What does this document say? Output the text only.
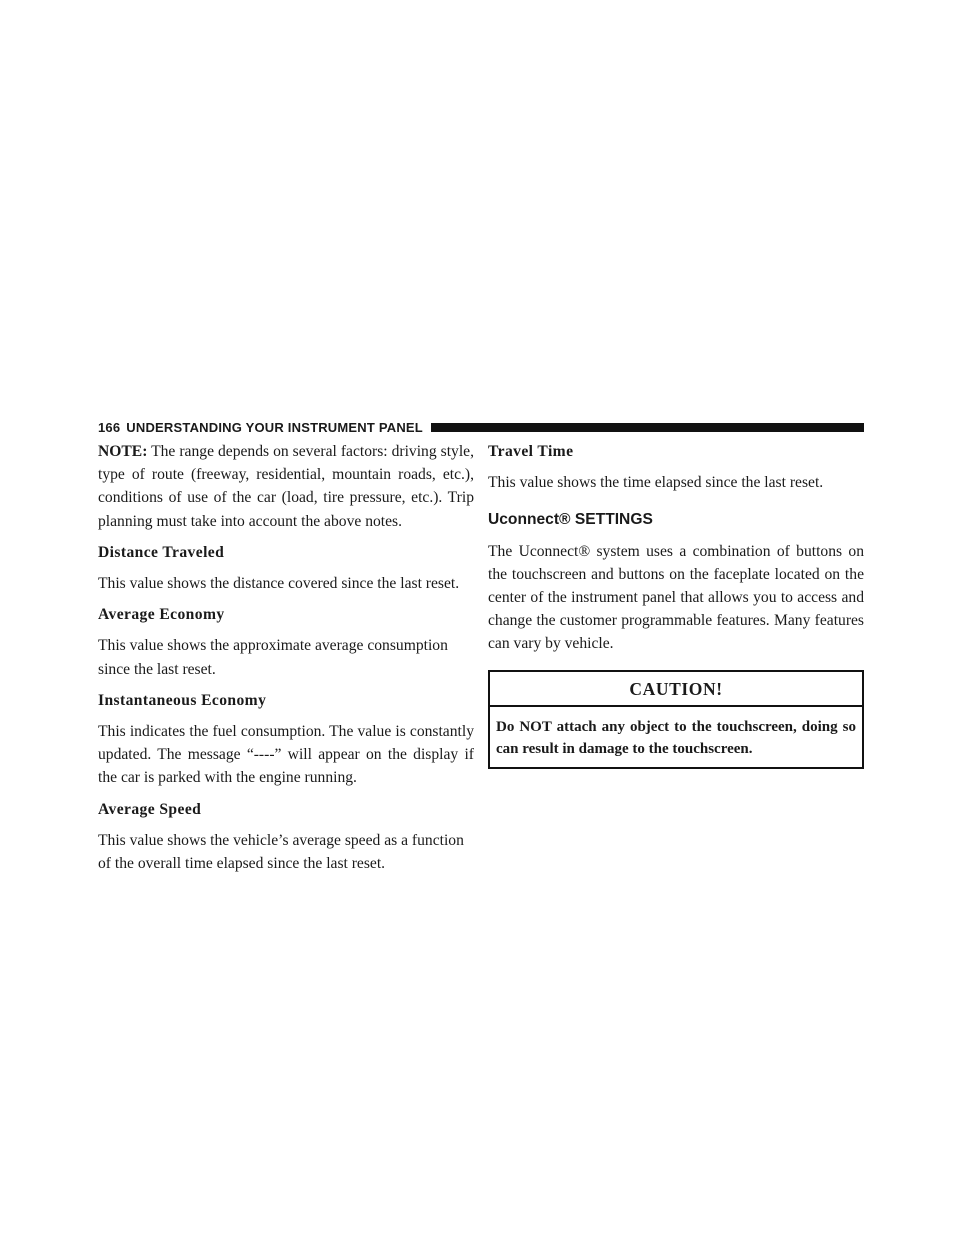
166 UNDERSTANDING YOUR INSTRUMENT PANEL

NOTE: The range depends on several factors: driving style, type of route (freeway, residential, mountain roads, etc.), conditions of use of the car (load, tire pressure, etc.). Trip planning must take into account the above notes.

Distance Traveled

This value shows the distance covered since the last reset.

Average Economy

This value shows the approximate average consumption since the last reset.

Instantaneous Economy

This indicates the fuel consumption. The value is constantly updated. The message “----” will appear on the display if the car is parked with the engine running.

Average Speed

This value shows the vehicle’s average speed as a function of the overall time elapsed since the last reset.

Travel Time

This value shows the time elapsed since the last reset.

Uconnect® SETTINGS

The Uconnect® system uses a combination of buttons on the touchscreen and buttons on the faceplate located on the center of the instrument panel that allows you to access and change the customer programmable features. Many features can vary by vehicle.

CAUTION!

Do NOT attach any object to the touchscreen, doing so can result in damage to the touchscreen.
